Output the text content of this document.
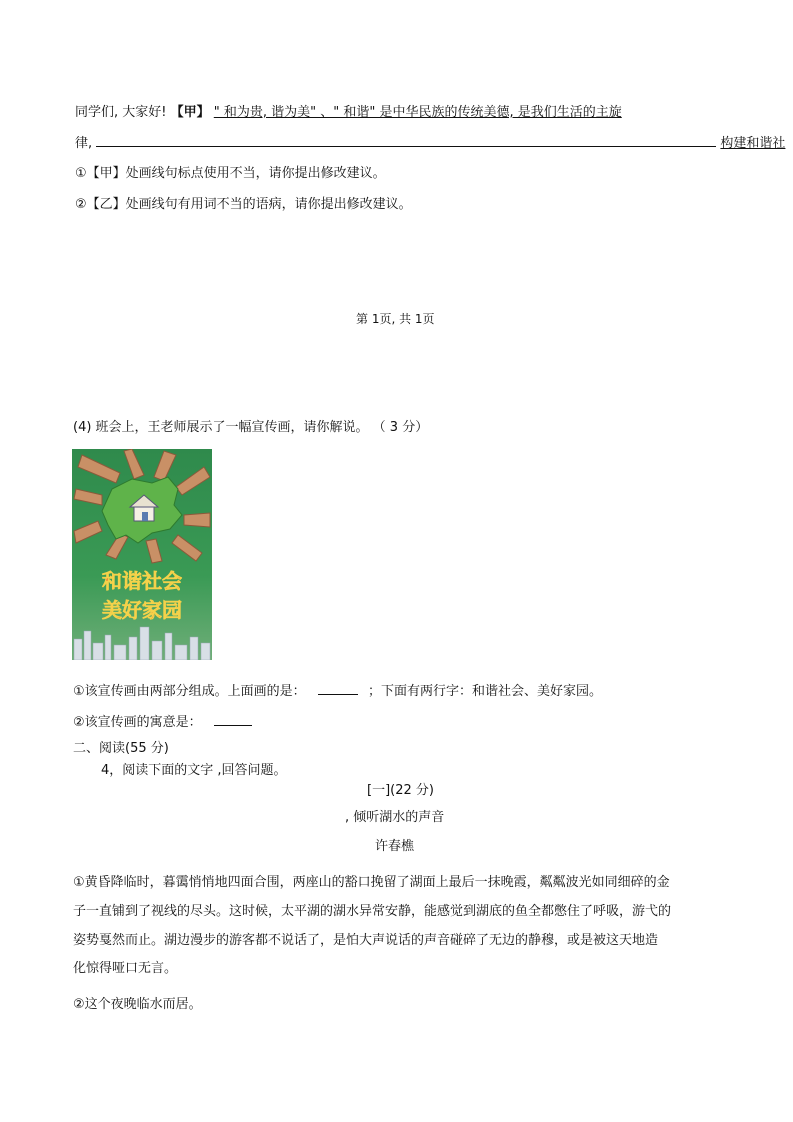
同学们, 大家好! 【甲】 " 和为贵, 谐为美" 、" 和谐" 是中华民族的传统美德, 是我们生活的主旋
律,	构建和谐社
①【甲】处画线句标点使用不当，请你提出修改建议。
②【乙】处画线句有用词不当的语病，请你提出修改建议。
第 1页, 共 1页
(4) 班会上，王老师展示了一幅宣传画，请你解说。 （ 3 分）
和谐社会
美好家园
①该宣传画由两部分组成。上面画的是：	；下面有两行字：和谐社会、美好家园。
②该宣传画的寓意是：
二、阅读(55 分)
4，阅读下面的文字 ,回答问题。
[一](22 分)
, 倾听湖水的声音
许春樵
①黄昏降临时，暮霭悄悄地四面合围，两座山的豁口挽留了湖面上最后一抹晚霞，粼粼波光如同细碎的金
子一直铺到了视线的尽头。这时候，太平湖的湖水异常安静，能感觉到湖底的鱼全都憋住了呼吸，游弋的
姿势戛然而止。湖边漫步的游客都不说话了，是怕大声说话的声音碰碎了无边的静穆，或是被这天地造
化惊得哑口无言。
②这个夜晚临水而居。
